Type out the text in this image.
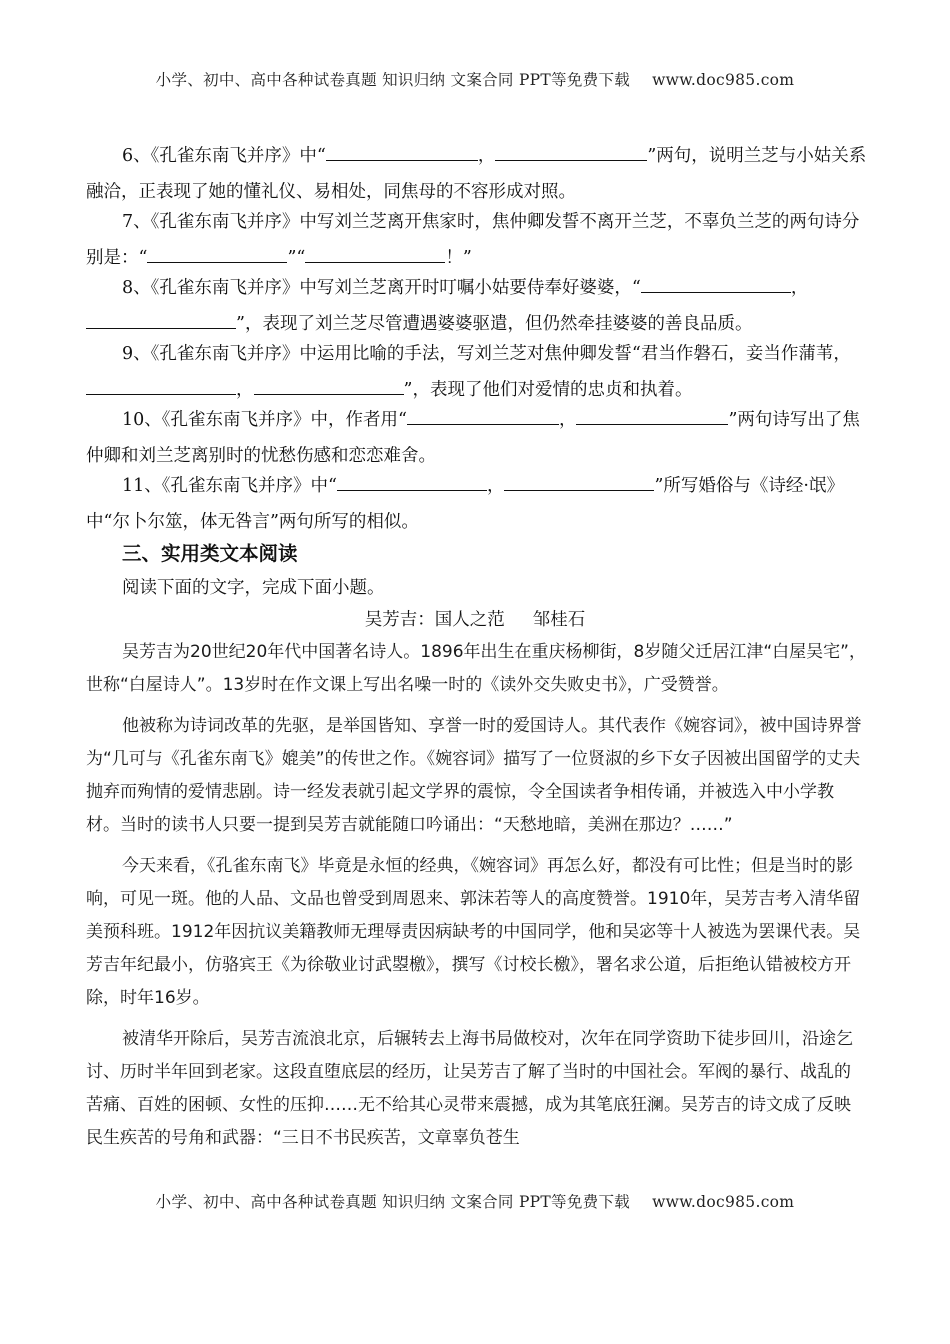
小学、初中、高中各种试卷真题 知识归纳 文案合同 PPT等免费下载 www.doc985.com
6、《孔雀东南飞并序》中“	，	”两句，说明兰芝与小姑关系融洽，正表现了她的懂礼仪、易相处，同焦母的不容形成对照。
7、《孔雀东南飞并序》中写刘兰芝离开焦家时，焦仲卿发誓不离开兰芝，不辜负兰芝的两句诗分别是：“	”“	！”
8、《孔雀东南飞并序》中写刘兰芝离开时叮嘱小姑要侍奉好婆婆，“	，”，表现了刘兰芝尽管遭遇婆婆驱遣，但仍然牵挂婆婆的善良品质。
9、《孔雀东南飞并序》中运用比喻的手法，写刘兰芝对焦仲卿发誓“君当作磐石，妾当作蒲苇，，	”，表现了他们对爱情的忠贞和执着。
10、《孔雀东南飞并序》中，作者用“	，	”两句诗写出了焦仲卿和刘兰芝离别时的忧愁伤感和恋恋难舍。
11、《孔雀东南飞并序》中“	，	”所写婚俗与《诗经·氓》中“尔卜尔筮，体无咎言”两句所写的相似。
三、实用类文本阅读
阅读下面的文字，完成下面小题。
吴芳吉：国人之范 邹桂石

吴芳吉为20世纪20年代中国著名诗人。1896年出生在重庆杨柳街，8岁随父迁居江津“白屋吴宅”，世称“白屋诗人”。13岁时在作文课上写出名噪一时的《读外交失败史书》，广受赞誉。

他被称为诗词改革的先驱，是举国皆知、享誉一时的爱国诗人。其代表作《婉容词》，被中国诗界誉为“几可与《孔雀东南飞》媲美”的传世之作。《婉容词》描写了一位贤淑的乡下女子因被出国留学的丈夫抛弃而殉情的爱情悲剧。诗一经发表就引起文学界的震惊，令全国读者争相传诵，并被选入中小学教材。当时的读书人只要一提到吴芳吉就能随口吟诵出：“天愁地暗，美洲在那边？……”

今天来看，《孔雀东南飞》毕竟是永恒的经典，《婉容词》再怎么好，都没有可比性；但是当时的影响，可见一斑。他的人品、文品也曾受到周恩来、郭沫若等人的高度赞誉。1910年，吴芳吉考入清华留美预科班。1912年因抗议美籍教师无理辱责因病缺考的中国同学，他和吴宓等十人被选为罢课代表。吴芳吉年纪最小，仿骆宾王《为徐敬业讨武曌檄》，撰写《讨校长檄》，署名求公道，后拒绝认错被校方开除，时年16岁。

被清华开除后，吴芳吉流浪北京，后辗转去上海书局做校对，次年在同学资助下徒步回川，沿途乞讨、历时半年回到老家。这段直堕底层的经历，让吴芳吉了解了当时的中国社会。军阀的暴行、战乱的苦痛、百姓的困顿、女性的压抑……无不给其心灵带来震撼，成为其笔底狂澜。吴芳吉的诗文成了反映民生疾苦的号角和武器：“三日不书民疾苦，文章辜负苍生

小学、初中、高中各种试卷真题 知识归纳 文案合同 PPT等免费下载 www.doc985.com
